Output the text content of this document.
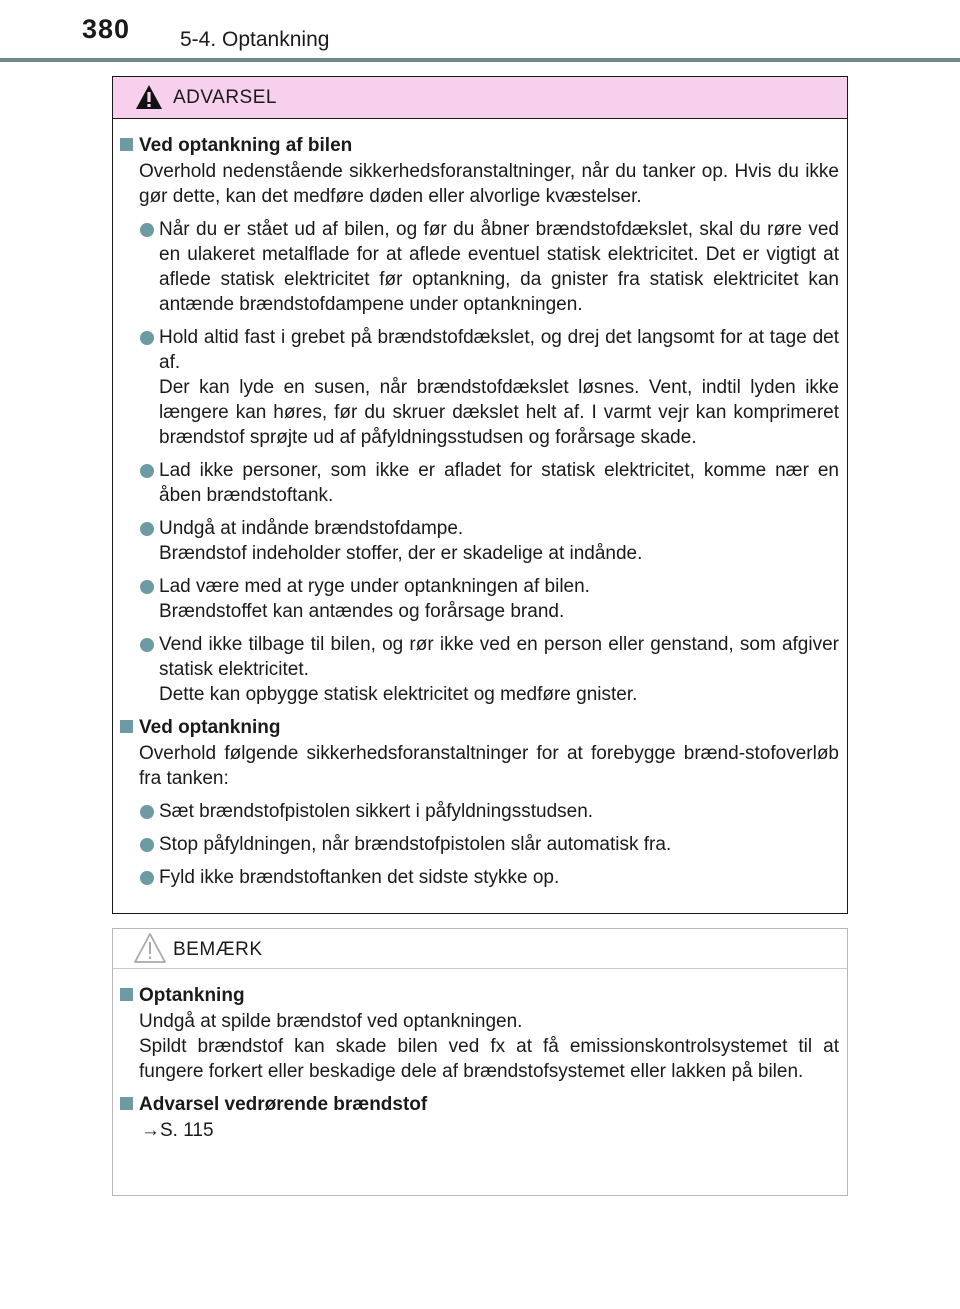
380 5-4. Optankning
ADVARSEL
Ved optankning af bilen
Overhold nedenstående sikkerhedsforanstaltninger, når du tanker op. Hvis du ikke gør dette, kan det medføre døden eller alvorlige kvæstelser.
Når du er stået ud af bilen, og før du åbner brændstofdækslet, skal du røre ved en ulakeret metalflade for at aflede eventuel statisk elektricitet. Det er vigtigt at aflede statisk elektricitet før optankning, da gnister fra statisk elektricitet kan antænde brændstofdampene under optankningen.
Hold altid fast i grebet på brændstofdækslet, og drej det langsomt for at tage det af.
Der kan lyde en susen, når brændstofdækslet løsnes. Vent, indtil lyden ikke længere kan høres, før du skruer dækslet helt af. I varmt vejr kan komprimeret brændstof sprøjte ud af påfyldningsstudsen og forårsage skade.
Lad ikke personer, som ikke er afladet for statisk elektricitet, komme nær en åben brændstoftank.
Undgå at indånde brændstofdampe.
Brændstof indeholder stoffer, der er skadelige at indånde.
Lad være med at ryge under optankningen af bilen.
Brændstoffet kan antændes og forårsage brand.
Vend ikke tilbage til bilen, og rør ikke ved en person eller genstand, som afgiver statisk elektricitet.
Dette kan opbygge statisk elektricitet og medføre gnister.
Ved optankning
Overhold følgende sikkerhedsforanstaltninger for at forebygge brænd-stofoverløb fra tanken:
Sæt brændstofpistolen sikkert i påfyldningsstudsen.
Stop påfyldningen, når brændstofpistolen slår automatisk fra.
Fyld ikke brændstoftanken det sidste stykke op.
BEMÆRK
Optankning
Undgå at spilde brændstof ved optankningen.
Spildt brændstof kan skade bilen ved fx at få emissionskontrolsystemet til at fungere forkert eller beskadige dele af brændstofsystemet eller lakken på bilen.
Advarsel vedrørende brændstof
→S. 115
